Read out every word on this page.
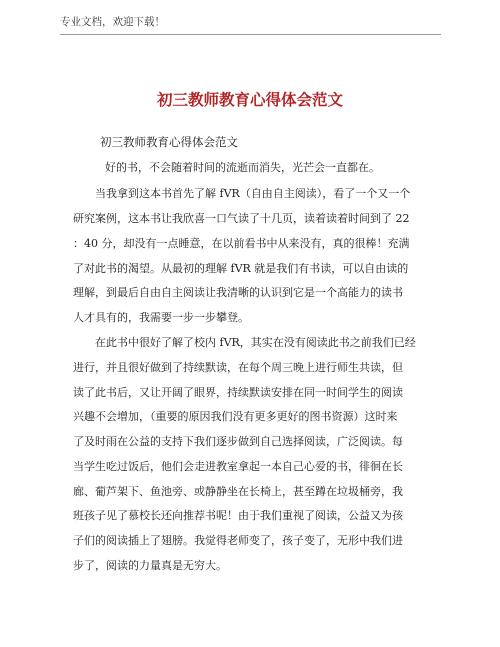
专业文档，欢迎下载！
初三教师教育心得体会范文
初三教师教育心得体会范文
好的书，不会随着时间的流逝而消失，光芒会一直都在。
当我拿到这本书首先了解 fVR（自由自主阅读），看了一个又一个
研究案例，这本书让我欣喜一口气读了十几页，读着读着时间到了 22
：40 分，却没有一点睡意，在以前看书中从来没有，真的很棒！充满
了对此书的渴望。从最初的理解 fVR 就是我们有书读，可以自由读的
理解，到最后自由自主阅读让我清晰的认识到它是一个高能力的读书
人才具有的，我需要一步一步攀登。
在此书中很好了解了校内 fVR，其实在没有阅读此书之前我们已经
进行，并且很好做到了持续默读，在每个周三晚上进行师生共读，但
读了此书后，又让开阔了眼界，持续默读安排在同一时间学生的阅读
兴趣不会增加，（重要的原因我们没有更多更好的图书资源）这时来
了及时雨在公益的支持下我们逐步做到自己选择阅读，广泛阅读。每
当学生吃过饭后，他们会走进教室拿起一本自己心爱的书，徘徊在长
廊、葡芦架下、鱼池旁、或静静坐在长椅上，甚至蹲在垃圾桶旁，我
班孩子见了慕校长还向推荐书呢！由于我们重视了阅读，公益又为孩
子们的阅读插上了翅膀。我觉得老师变了，孩子变了，无形中我们进
步了，阅读的力量真是无穷大。
